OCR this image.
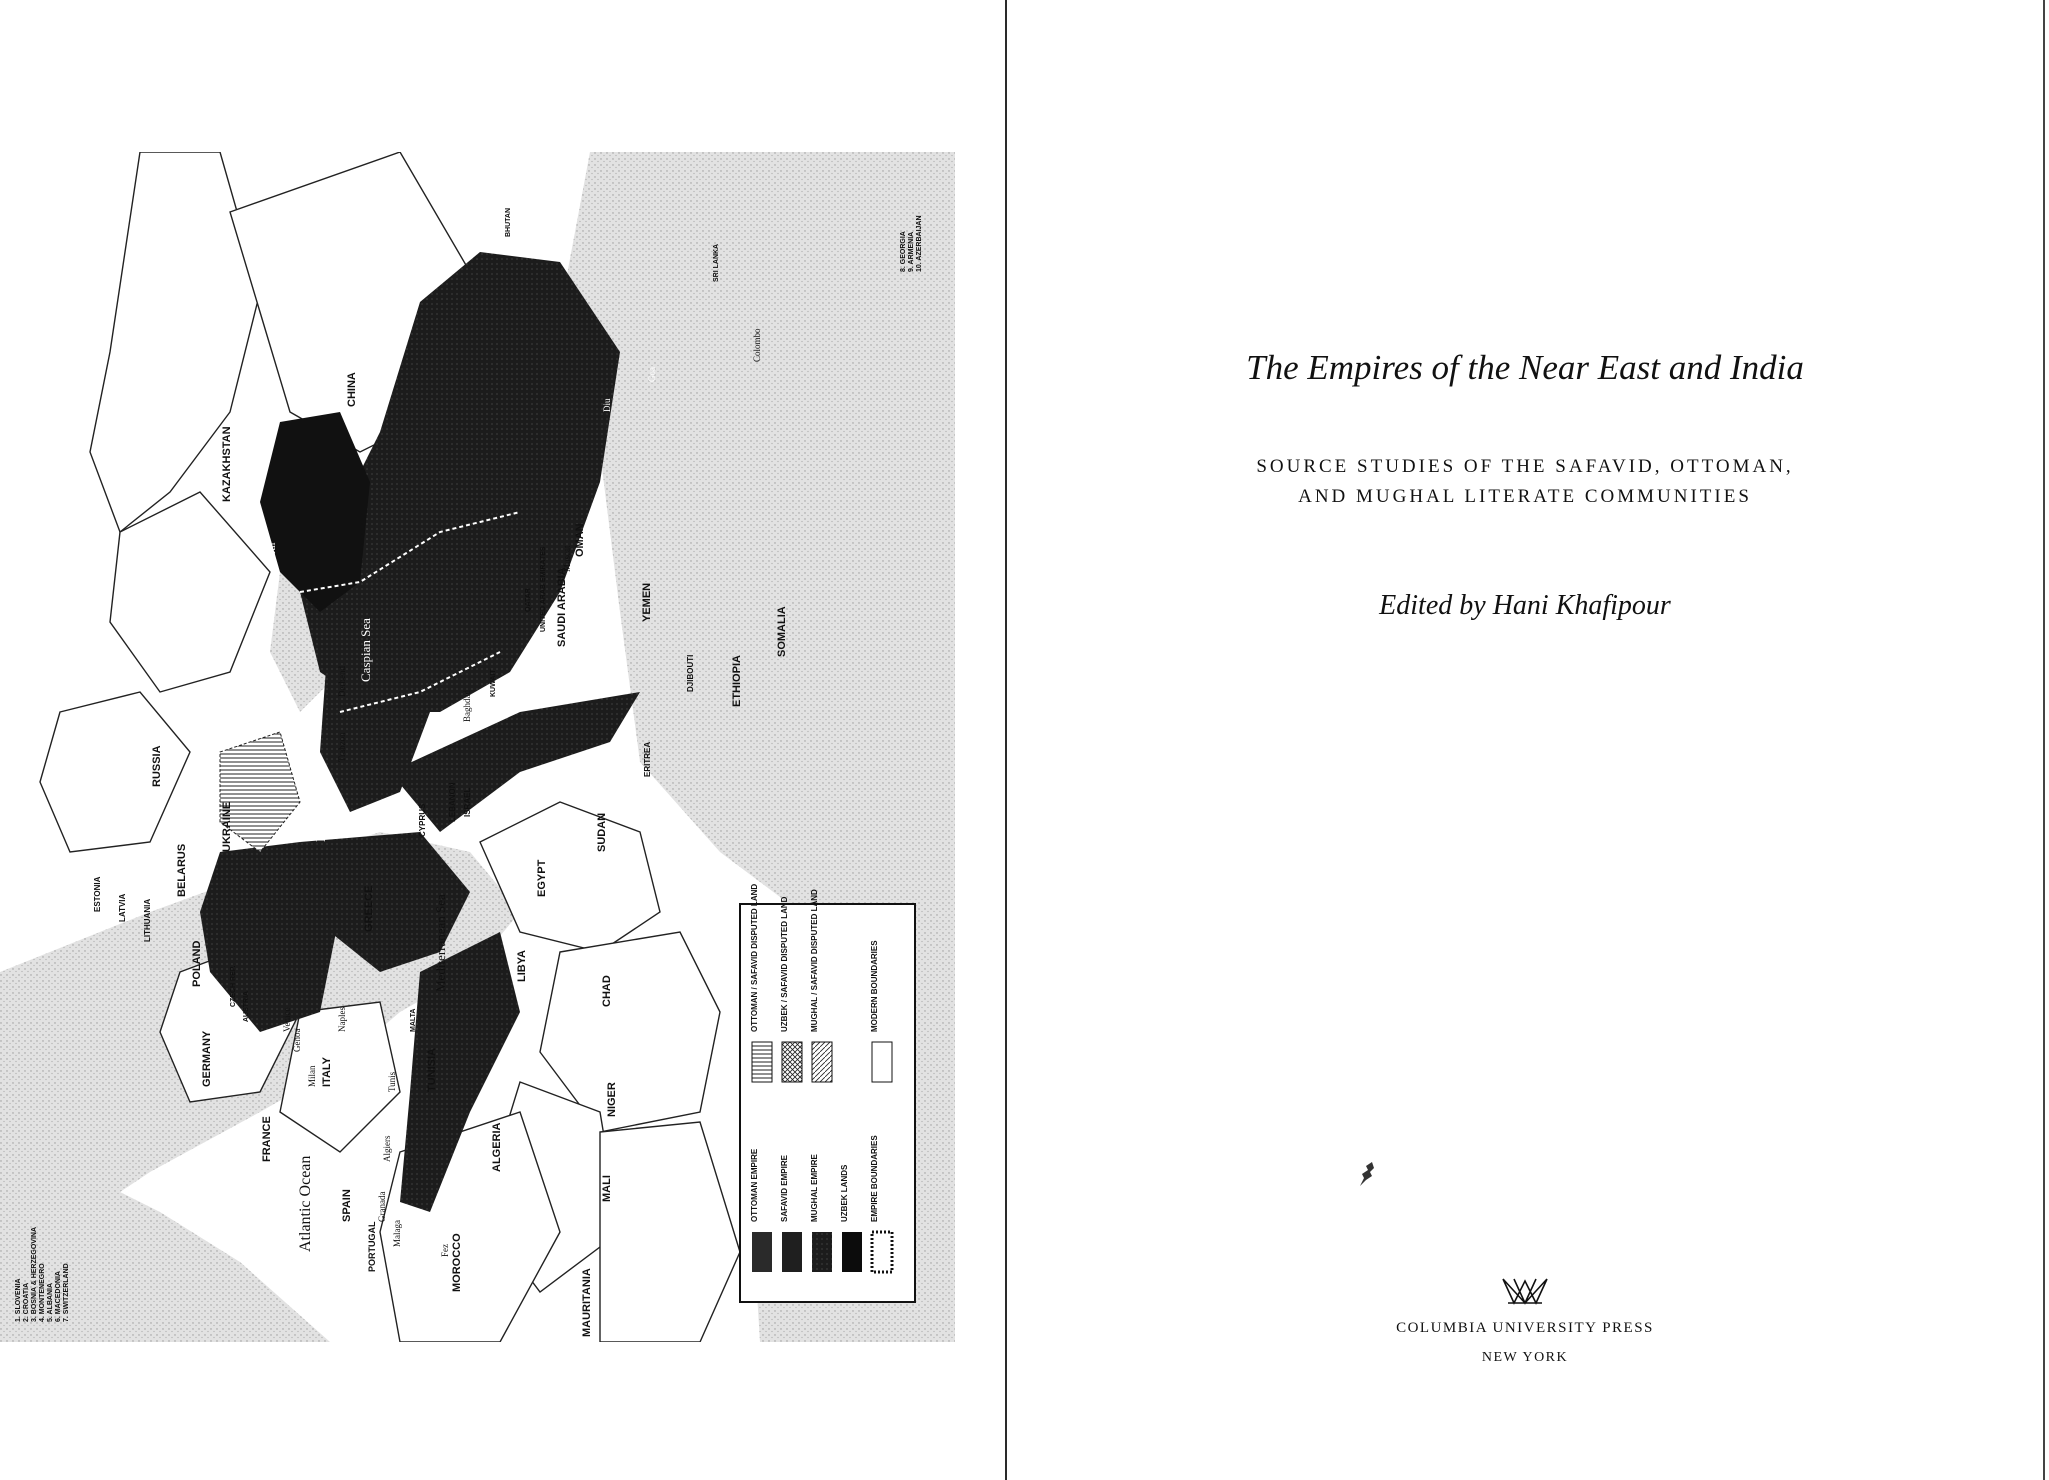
CHINA
KAZAKHSTAN
RUSSIA
BELARUS
POLAND
GERMANY
FRANCE
SPAIN
PORTUGAL
ITALY
MOROCCO
ALGERIA
LIBYA
EGYPT
SUDAN
CHAD
NIGER
MALI
MAURITANIA
ETHIOPIA
SOMALIA
YEMEN
OMAN
SAUDI ARABIA
UNITED ARAB EMIRATES
DJIBOUTI
ERITREA
ESTONIA LATVIA LITHUANIA	GREECE
CYPRUS	LEBANON ISRAEL
KUWAIT
QATAR
BHUTAN
SRI LANKA
UKRAINE
TUNISIA
MALTA
CZECH REP. AUSTRIA
Caspian Sea
Black Sea
Mediterranean Sea
Atlantic Ocean
Aral
Colombo
Muscat
Baghdad
Derbend
Trabzon
Venice
Genoa
Milan
Naples
Tunis
Algiers
Granada
Malaga
Fez
Diu
Goa
1. SLOVENIA 2. CROATIA 3. BOSNIA & HERZEGOVINA 4. MONTENEGRO 5. ALBANIA 6. MACEDONIA 7. SWITZERLAND
8. GEORGIA 9. ARMENIA 10. AZERBAIJAN
OTTOMAN EMPIRE	SAFAVID EMPIRE	MUGHAL EMPIRE	UZBEK LANDS	EMPIRE BOUNDARIES
OTTOMAN / SAFAVID DISPUTED LAND	UZBEK / SAFAVID DISPUTED LAND	MUGHAL / SAFAVID DISPUTED LAND	MODERN BOUNDARIES
The Empires of the Near East and India
SOURCE STUDIES OF THE SAFAVID, OTTOMAN,
AND MUGHAL LITERATE COMMUNITIES
Edited by Hani Khafipour
COLUMBIA UNIVERSITY PRESS
NEW YORK
